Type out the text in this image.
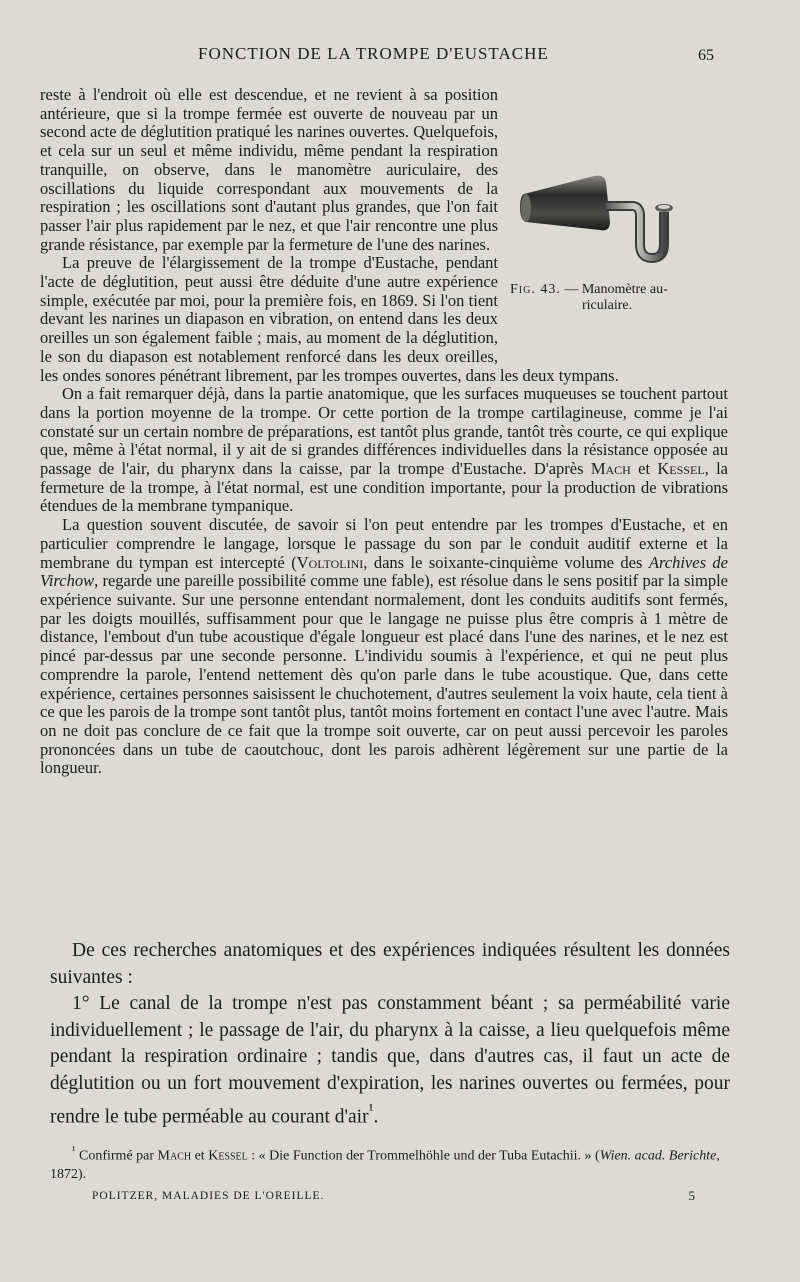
FONCTION DE LA TROMPE D'EUSTACHE	65
Fig. 43. — Manomètre au-
riculaire.

reste à l'endroit où elle est descendue, et ne revient à sa position antérieure, que si la trompe fermée est ouverte de nouveau par un second acte de déglutition pratiqué les narines ouvertes. Quelquefois, et cela sur un seul et même individu, même pendant la respiration tranquille, on observe, dans le manomètre auriculaire, des oscillations du liquide correspondant aux mouvements de la respiration ; les oscillations sont d'autant plus grandes, que l'on fait passer l'air plus rapidement par le nez, et que l'air rencontre une plus grande résistance, par exemple par la fermeture de l'une des narines.

La preuve de l'élargissement de la trompe d'Eustache, pendant l'acte de déglutition, peut aussi être déduite d'une autre expérience simple, exécutée par moi, pour la première fois, en 1869. Si l'on tient devant les narines un diapason en vibration, on entend dans les deux oreilles un son également faible ; mais, au moment de la déglutition, le son du diapason est notablement renforcé dans les deux oreilles, les ondes sonores pénétrant librement, par les trompes ouvertes, dans les deux tympans.

On a fait remarquer déjà, dans la partie anatomique, que les surfaces muqueuses se touchent partout dans la portion moyenne de la trompe. Or cette portion de la trompe cartilagineuse, comme je l'ai constaté sur un certain nombre de préparations, est tantôt plus grande, tantôt très courte, ce qui explique que, même à l'état normal, il y ait de si grandes différences individuelles dans la résistance opposée au passage de l'air, du pharynx dans la caisse, par la trompe d'Eustache. D'après Mach et Kessel, la fermeture de la trompe, à l'état normal, est une condition importante, pour la production de vibrations étendues de la membrane tympanique.

La question souvent discutée, de savoir si l'on peut entendre par les trompes d'Eustache, et en particulier comprendre le langage, lorsque le passage du son par le conduit auditif externe et la membrane du tympan est intercepté (Voltolini, dans le soixante-cinquième volume des Archives de Virchow, regarde une pareille possibilité comme une fable), est résolue dans le sens positif par la simple expérience suivante. Sur une personne entendant normalement, dont les conduits auditifs sont fermés, par les doigts mouillés, suffisamment pour que le langage ne puisse plus être compris à 1 mètre de distance, l'embout d'un tube acoustique d'égale longueur est placé dans l'une des narines, et le nez est pincé par-dessus par une seconde personne. L'individu soumis à l'expérience, et qui ne peut plus comprendre la parole, l'entend nettement dès qu'on parle dans le tube acoustique. Que, dans cette expérience, certaines personnes saisissent le chuchotement, d'autres seulement la voix haute, cela tient à ce que les parois de la trompe sont tantôt plus, tantôt moins fortement en contact l'une avec l'autre. Mais on ne doit pas conclure de ce fait que la trompe soit ouverte, car on peut aussi percevoir les paroles prononcées dans un tube de caoutchouc, dont les parois adhèrent légèrement sur une partie de la longueur.

De ces recherches anatomiques et des expériences indiquées résultent les données suivantes :

1° Le canal de la trompe n'est pas constamment béant ; sa perméabilité varie individuellement ; le passage de l'air, du pharynx à la caisse, a lieu quelquefois même pendant la respiration ordinaire ; tandis que, dans d'autres cas, il faut un acte de déglutition ou un fort mouvement d'expiration, les narines ouvertes ou fermées, pour rendre le tube perméable au courant d'air$^{^1}$.

$^{^1}$ Confirmé par Mach et Kessel : « Die Function der Trommelhöhle und der Tuba Eutachii. » (Wien. acad. Berichte, 1872).

POLITZER, MALADIES DE L'OREILLE.	5
